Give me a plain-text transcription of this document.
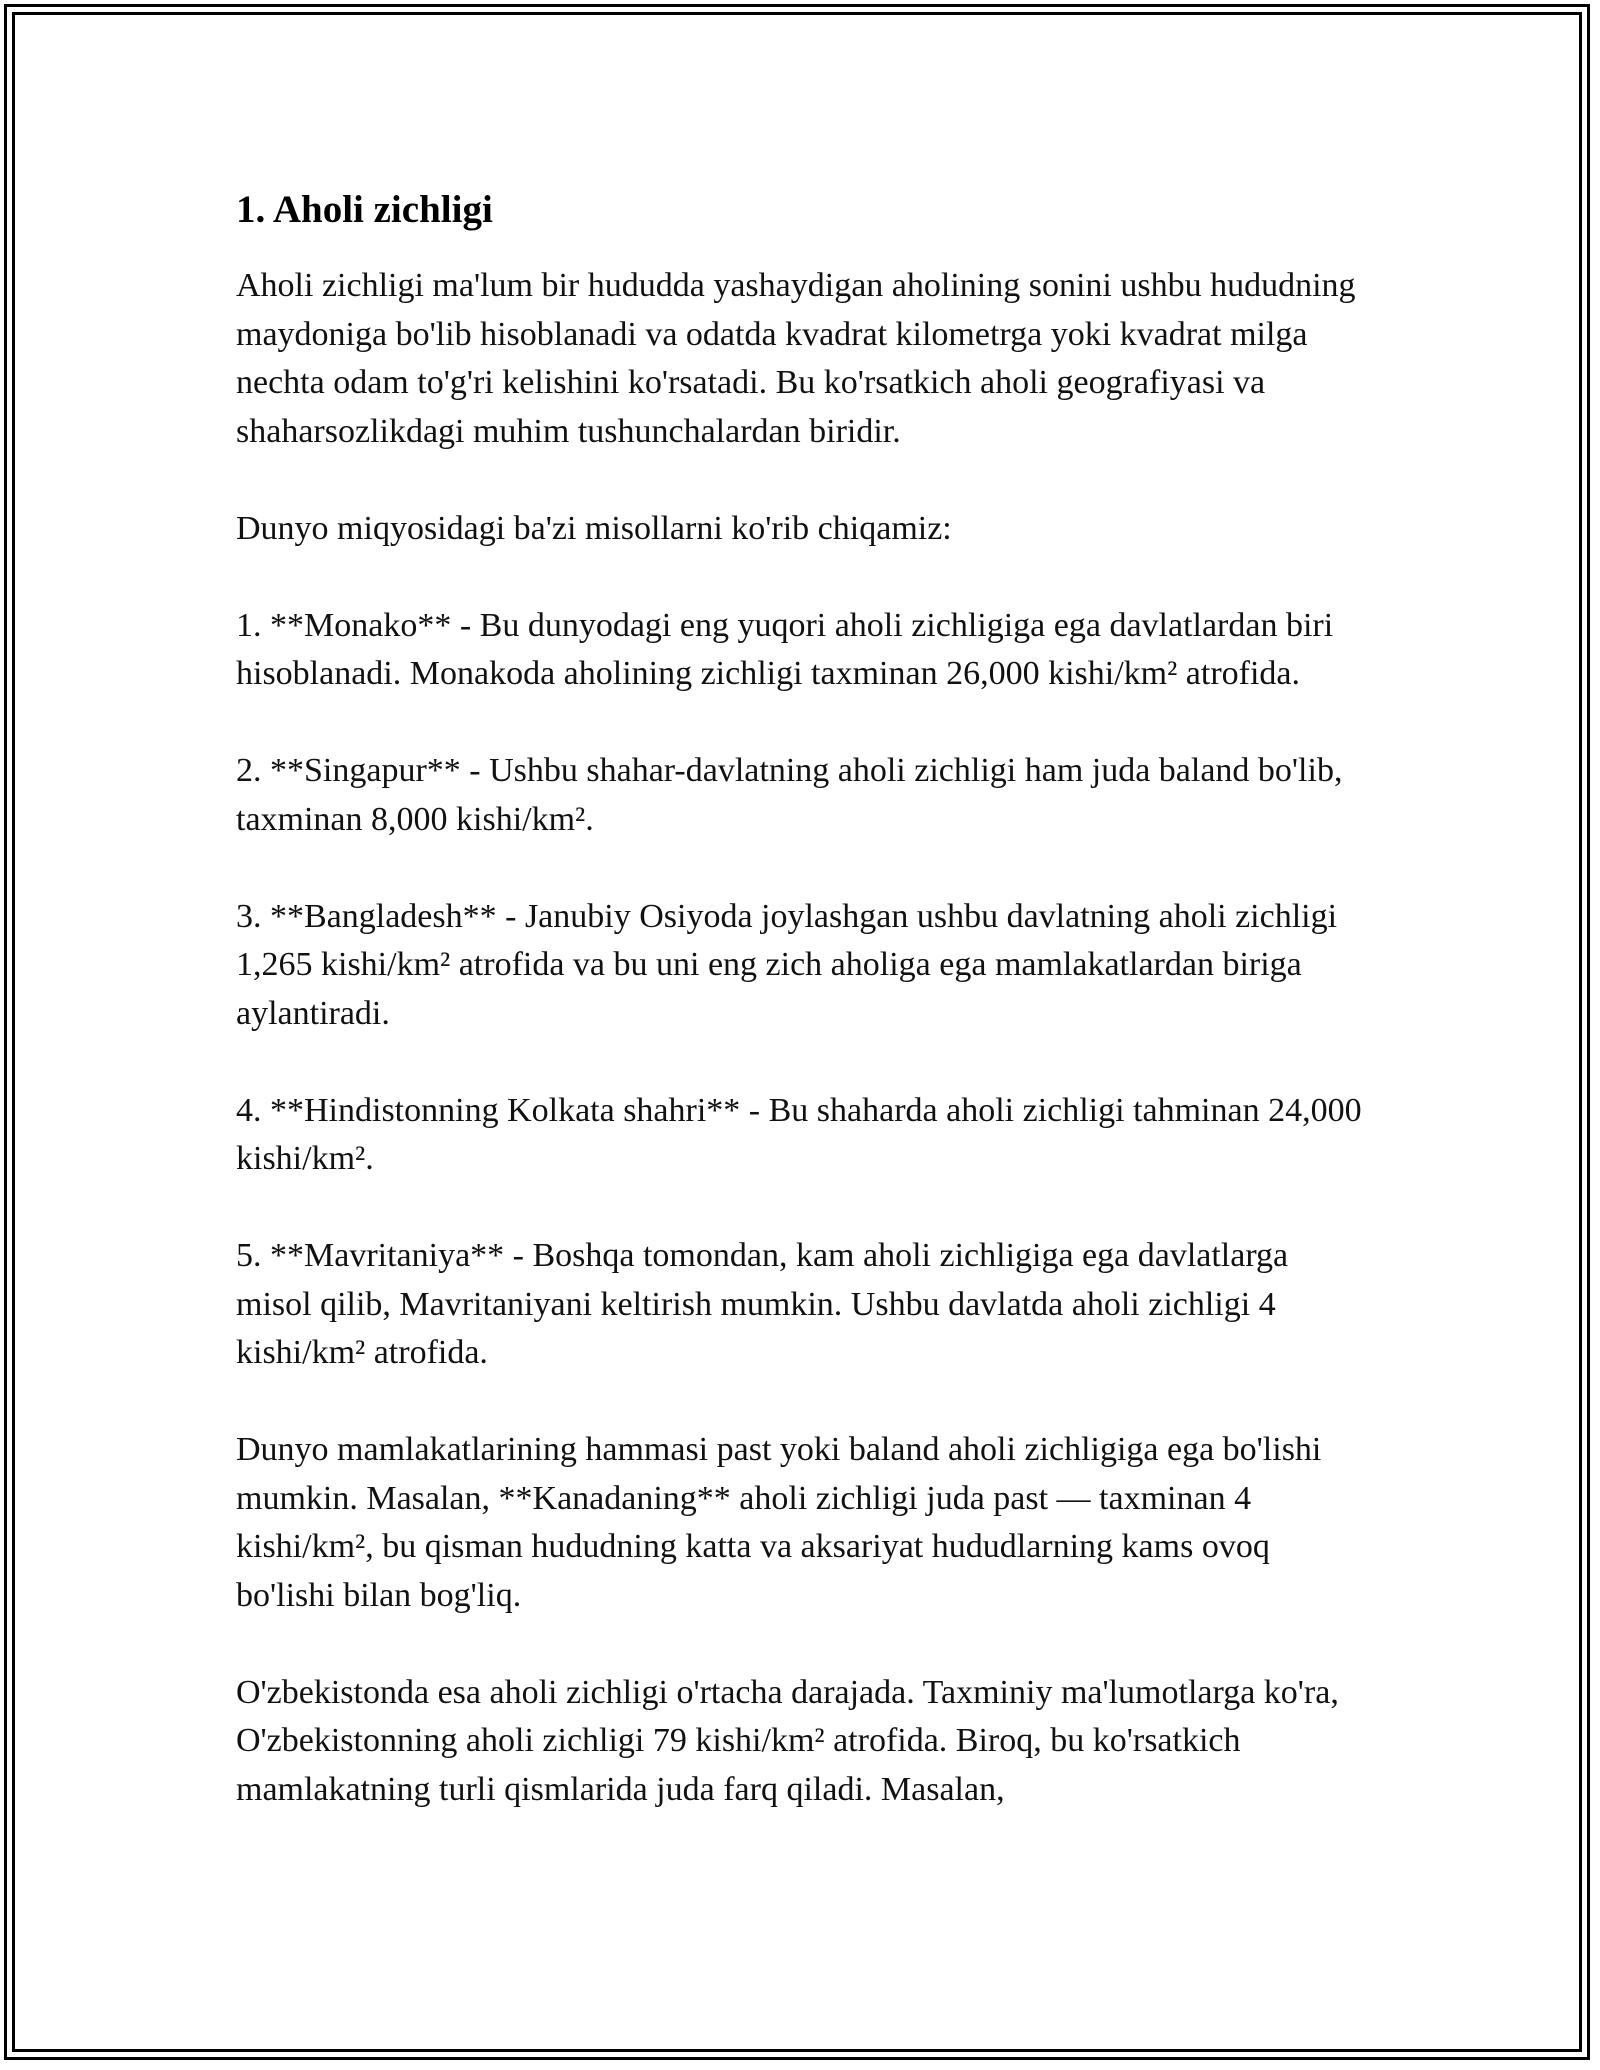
1. Aholi zichligi

Aholi zichligi ma'lum bir hududda yashaydigan aholining sonini ushbu hududning maydoniga bo'lib hisoblanadi va odatda kvadrat kilometrga yoki kvadrat milga nechta odam to'g'ri kelishini ko'rsatadi. Bu ko'rsatkich aholi geografiyasi va shaharsozlikdagi muhim tushunchalardan biridir.

Dunyo miqyosidagi ba'zi misollarni ko'rib chiqamiz:

1. **Monako** - Bu dunyodagi eng yuqori aholi zichligiga ega davlatlardan biri hisoblanadi. Monakoda aholining zichligi taxminan 26,000 kishi/km² atrofida.

2. **Singapur** - Ushbu shahar-davlatning aholi zichligi ham juda baland bo'lib, taxminan 8,000 kishi/km².

3. **Bangladesh** - Janubiy Osiyoda joylashgan ushbu davlatning aholi zichligi 1,265 kishi/km² atrofida va bu uni eng zich aholiga ega mamlakatlardan biriga aylantiradi.

4. **Hindistonning Kolkata shahri** - Bu shaharda aholi zichligi tahminan 24,000 kishi/km².

5. **Mavritaniya** - Boshqa tomondan, kam aholi zichligiga ega davlatlarga misol qilib, Mavritaniyani keltirish mumkin. Ushbu davlatda aholi zichligi 4 kishi/km² atrofida.

Dunyo mamlakatlarining hammasi past yoki baland aholi zichligiga ega bo'lishi mumkin. Masalan, **Kanadaning** aholi zichligi juda past — taxminan 4 kishi/km², bu qisman hududning katta va aksariyat hududlarning kams ovoq bo'lishi bilan bog'liq.

O'zbekistonda esa aholi zichligi o'rtacha darajada. Taxminiy ma'lumotlarga ko'ra, O'zbekistonning aholi zichligi 79 kishi/km² atrofida. Biroq, bu ko'rsatkich mamlakatning turli qismlarida juda farq qiladi. Masalan,
